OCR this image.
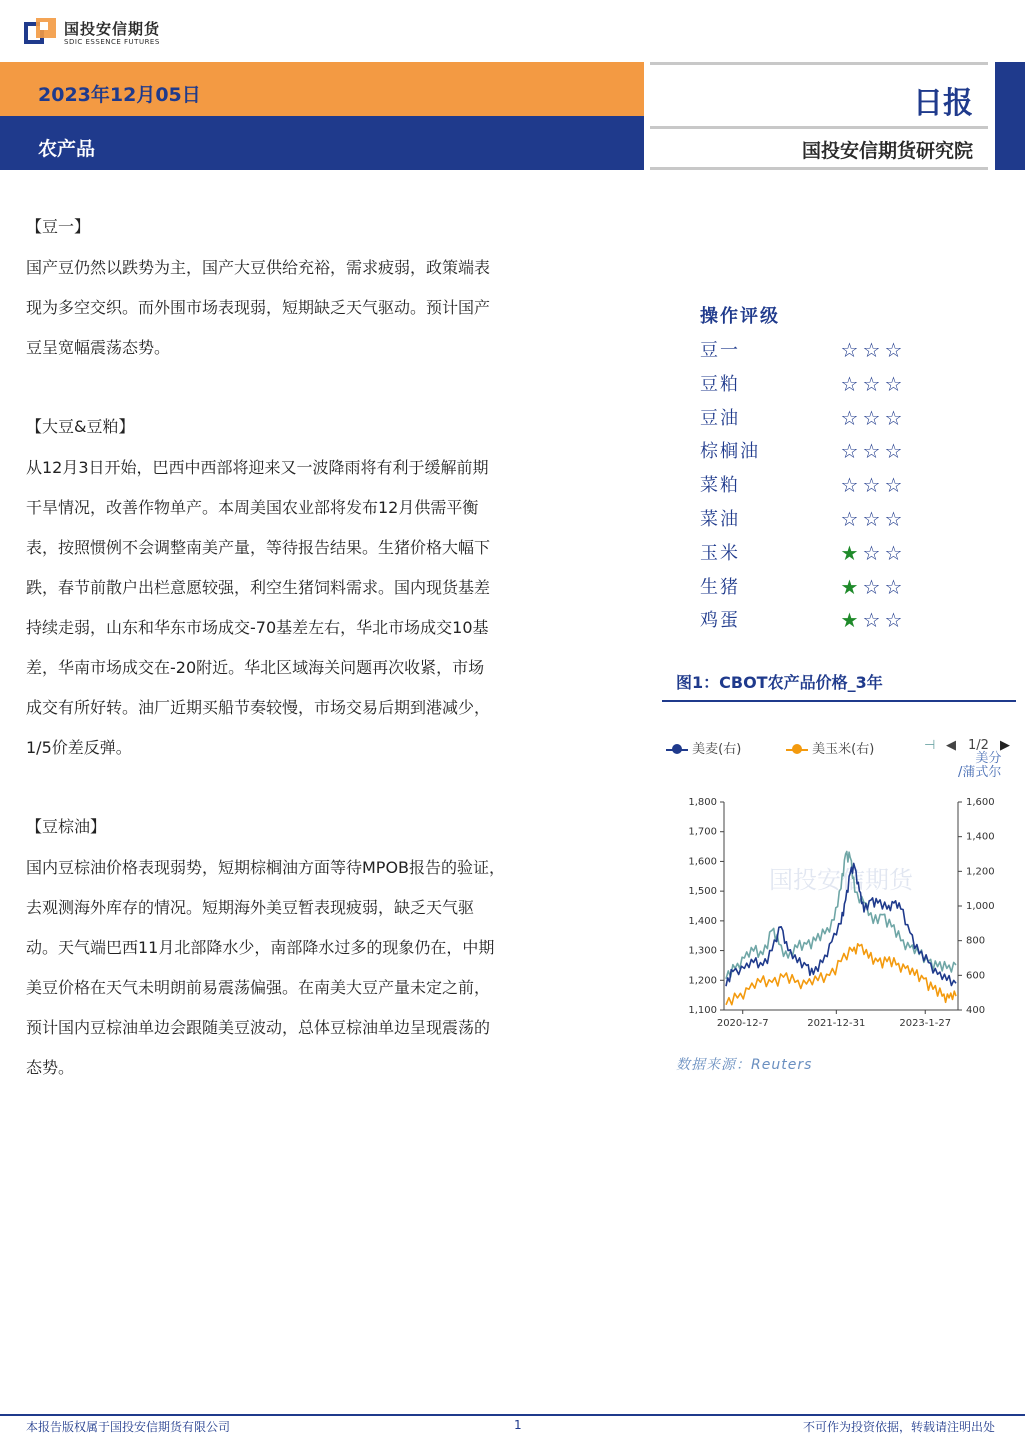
国投安信期货
SDIC ESSENCE FUTURES
2023年12月05日
农产品
日报
国投安信期货研究院
【豆一】
国产豆仍然以跌势为主，国产大豆供给充裕，需求疲弱，政策端表
现为多空交织。而外围市场表现弱，短期缺乏天气驱动。预计国产
豆呈宽幅震荡态势。
【大豆&豆粕】
从12月3日开始，巴西中西部将迎来又一波降雨将有利于缓解前期
干旱情况，改善作物单产。本周美国农业部将发布12月供需平衡
表，按照惯例不会调整南美产量，等待报告结果。生猪价格大幅下
跌，春节前散户出栏意愿较强，利空生猪饲料需求。国内现货基差
持续走弱，山东和华东市场成交-70基差左右，华北市场成交10基
差，华南市场成交在-20附近。华北区域海关问题再次收紧，市场
成交有所好转。油厂近期买船节奏较慢，市场交易后期到港减少，
1/5价差反弹。
【豆棕油】
国内豆棕油价格表现弱势，短期棕榈油方面等待MPOB报告的验证，
去观测海外库存的情况。短期海外美豆暂表现疲弱，缺乏天气驱
动。天气端巴西11月北部降水少，南部降水过多的现象仍在，中期
美豆价格在天气未明朗前易震荡偏强。在南美大豆产量未定之前，
预计国内豆棕油单边会跟随美豆波动，总体豆棕油单边呈现震荡的
态势。
操作评级
豆一	☆ ☆ ☆
豆粕	☆ ☆ ☆
豆油	☆ ☆ ☆
棕榈油	☆ ☆ ☆
菜粕	☆ ☆ ☆
菜油	☆ ☆ ☆
玉米	★ ☆ ☆
生猪	★ ☆ ☆
鸡蛋	★ ☆ ☆
图1：CBOT农产品价格_3年
美麦(右)	美玉米(右)	⊣ ◀ 1/2 ▶
美分
/蒲式尔
国投安信期货
1,100
1,200
1,300
1,400
1,500
1,600
1,700
1,800
400
600
800
1,000
1,200
1,400
1,600
2020-12-7	2021-12-31	2023-1-27
数据来源：Reuters
本报告版权属于国投安信期货有限公司	1	不可作为投资依据，转载请注明出处
